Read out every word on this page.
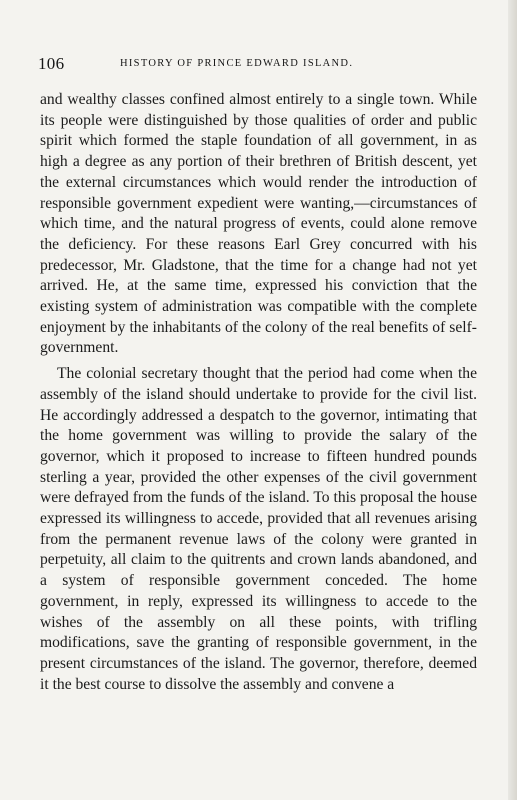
106	HISTORY OF PRINCE EDWARD ISLAND.

and wealthy classes confined almost entirely to a single town. While its people were distinguished by those qualities of order and public spirit which formed the staple foundation of all government, in as high a degree as any portion of their brethren of British descent, yet the external circumstances which would render the introduction of responsible government expedient were wanting,—circumstances of which time, and the natural progress of events, could alone remove the deficiency. For these reasons Earl Grey concurred with his predecessor, Mr. Gladstone, that the time for a change had not yet arrived. He, at the same time, expressed his conviction that the existing system of administration was compatible with the complete enjoyment by the inhabitants of the colony of the real benefits of self-government.

The colonial secretary thought that the period had come when the assembly of the island should undertake to provide for the civil list. He accordingly addressed a despatch to the governor, intimating that the home government was willing to provide the salary of the governor, which it proposed to increase to fifteen hundred pounds sterling a year, provided the other expenses of the civil government were defrayed from the funds of the island. To this proposal the house expressed its willingness to accede, provided that all revenues arising from the permanent revenue laws of the colony were granted in perpetuity, all claim to the quitrents and crown lands abandoned, and a system of responsible government conceded. The home government, in reply, expressed its willingness to accede to the wishes of the assembly on all these points, with trifling modifications, save the granting of responsible government, in the present circumstances of the island. The governor, therefore, deemed it the best course to dissolve the assembly and convene a
